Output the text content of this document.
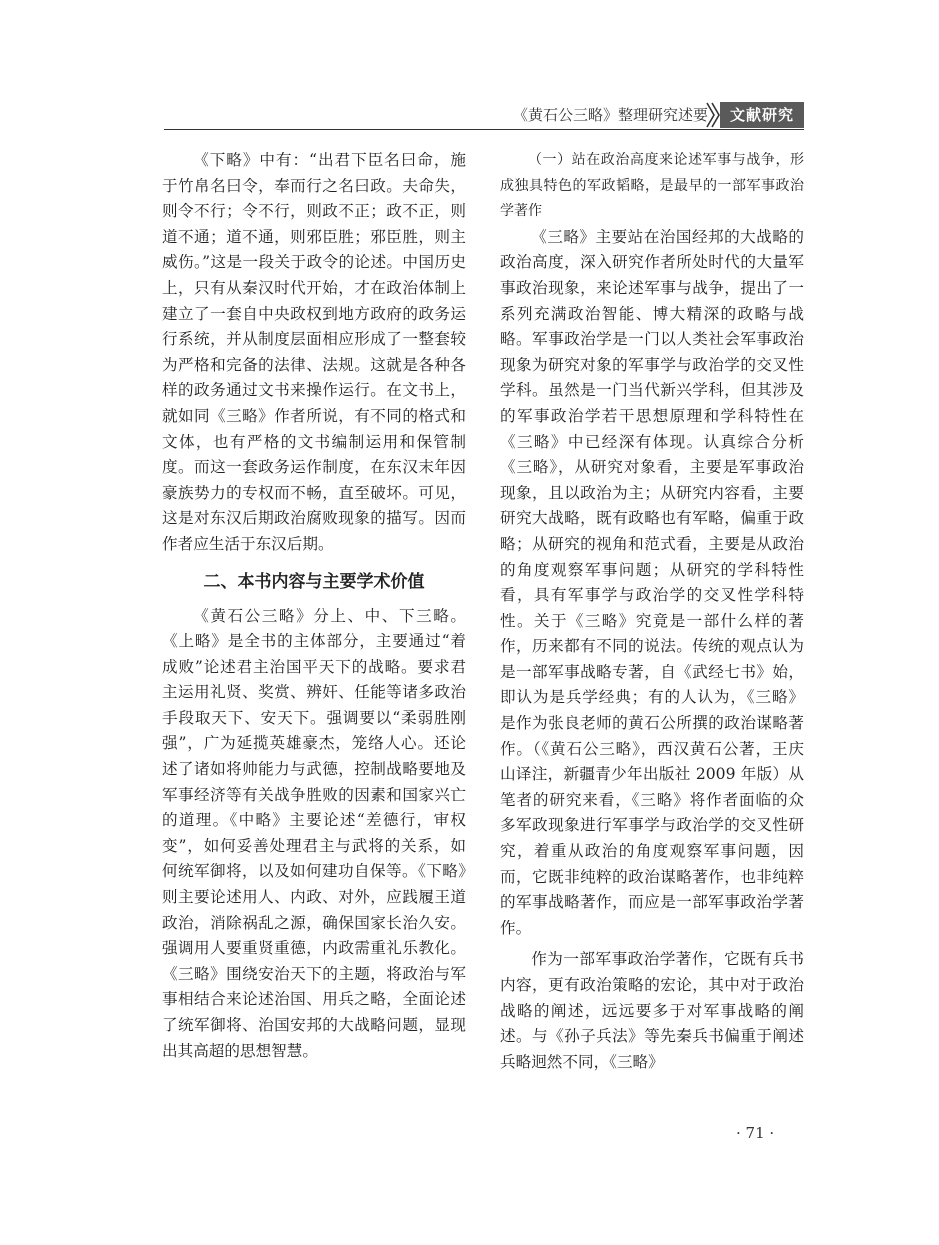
《黄石公三略》整理研究述要	文献研究

《下略》中有：“出君下臣名曰命，施于竹帛名曰令，奉而行之名曰政。夫命失，则令不行；令不行，则政不正；政不正，则道不通；道不通，则邪臣胜；邪臣胜，则主威伤。”这是一段关于政令的论述。中国历史上，只有从秦汉时代开始，才在政治体制上建立了一套自中央政权到地方政府的政务运行系统，并从制度层面相应形成了一整套较为严格和完备的法律、法规。这就是各种各样的政务通过文书来操作运行。在文书上，就如同《三略》作者所说，有不同的格式和文体，也有严格的文书编制运用和保管制度。而这一套政务运作制度，在东汉末年因豪族势力的专权而不畅，直至破坏。可见，这是对东汉后期政治腐败现象的描写。因而作者应生活于东汉后期。

二、本书内容与主要学术价值

《黄石公三略》分上、中、下三略。《上略》是全书的主体部分，主要通过“着成败”论述君主治国平天下的战略。要求君主运用礼贤、奖赏、辨奸、任能等诸多政治手段取天下、安天下。强调要以“柔弱胜刚强”，广为延揽英雄豪杰，笼络人心。还论述了诸如将帅能力与武德，控制战略要地及军事经济等有关战争胜败的因素和国家兴亡的道理。《中略》主要论述“差德行，审权变”，如何妥善处理君主与武将的关系，如何统军御将，以及如何建功自保等。《下略》则主要论述用人、内政、对外，应践履王道政治，消除祸乱之源，确保国家长治久安。强调用人要重贤重德，内政需重礼乐教化。《三略》围绕安治天下的主题，将政治与军事相结合来论述治国、用兵之略，全面论述了统军御将、治国安邦的大战略问题，显现出其高超的思想智慧。

（一）站在政治高度来论述军事与战争，形成独具特色的军政韬略，是最早的一部军事政治学著作

《三略》主要站在治国经邦的大战略的政治高度，深入研究作者所处时代的大量军事政治现象，来论述军事与战争，提出了一系列充满政治智能、博大精深的政略与战略。军事政治学是一门以人类社会军事政治现象为研究对象的军事学与政治学的交叉性学科。虽然是一门当代新兴学科，但其涉及的军事政治学若干思想原理和学科特性在《三略》中已经深有体现。认真综合分析《三略》，从研究对象看，主要是军事政治现象，且以政治为主；从研究内容看，主要研究大战略，既有政略也有军略，偏重于政略；从研究的视角和范式看，主要是从政治的角度观察军事问题；从研究的学科特性看，具有军事学与政治学的交叉性学科特性。关于《三略》究竟是一部什么样的著作，历来都有不同的说法。传统的观点认为是一部军事战略专著，自《武经七书》始，即认为是兵学经典；有的人认为，《三略》是作为张良老师的黄石公所撰的政治谋略著作。（《黄石公三略》，西汉黄石公著，王庆山译注，新疆青少年出版社 2009 年版）从笔者的研究来看，《三略》将作者面临的众多军政现象进行军事学与政治学的交叉性研究，着重从政治的角度观察军事问题，因而，它既非纯粹的政治谋略著作，也非纯粹的军事战略著作，而应是一部军事政治学著作。

作为一部军事政治学著作，它既有兵书内容，更有政治策略的宏论，其中对于政治战略的阐述，远远要多于对军事战略的阐述。与《孙子兵法》等先秦兵书偏重于阐述兵略迥然不同，《三略》

· 71 ·
